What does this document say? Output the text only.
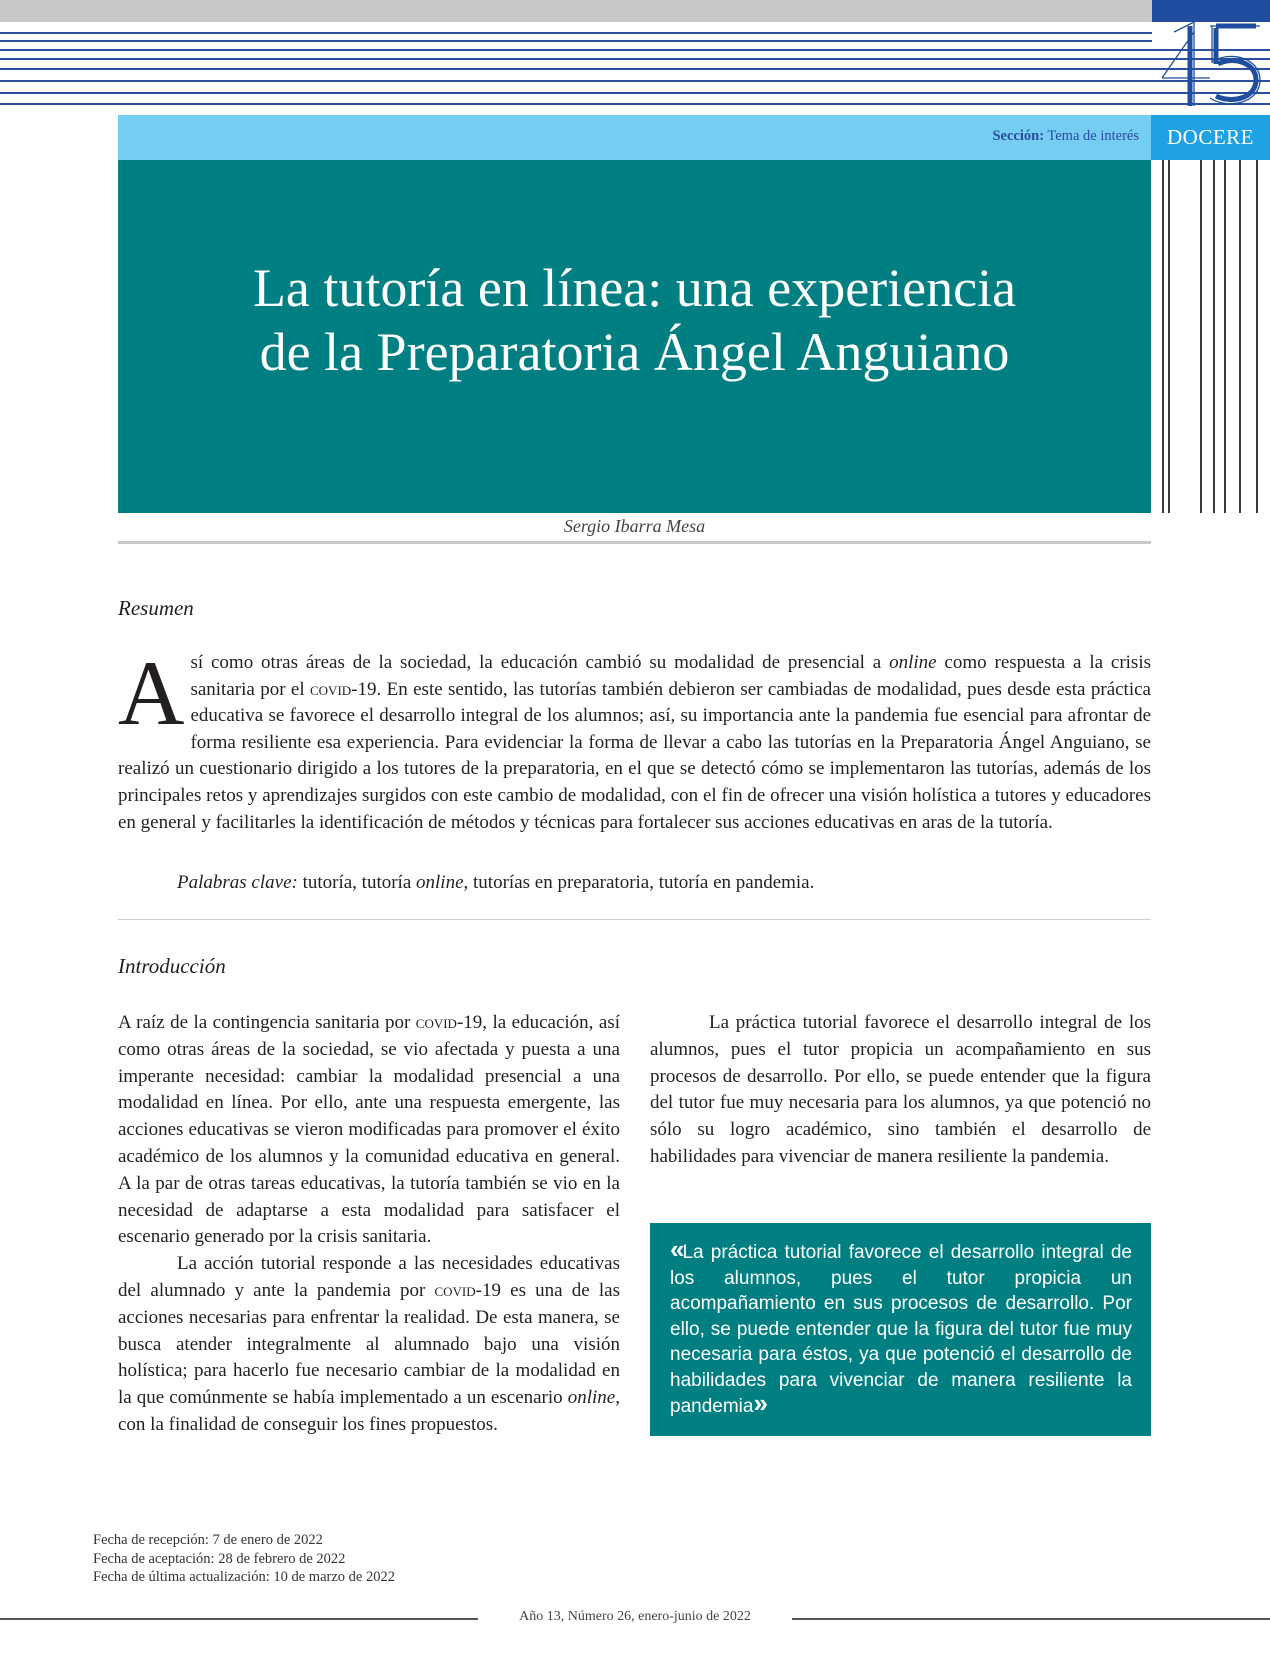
Sección: Tema de interés	DOCERE
La tutoría en línea: una experiencia
de la Preparatoria Ángel Anguiano
Sergio Ibarra Mesa
Resumen

Así como otras áreas de la sociedad, la educación cambió su modalidad de presencial a online como respuesta a la crisis sanitaria por el covid-19. En este sentido, las tutorías también debieron ser cambiadas de modalidad, pues desde esta práctica educativa se favorece el desarrollo integral de los alumnos; así, su importancia ante la pandemia fue esencial para afrontar de forma resiliente esa experiencia. Para evidenciar la forma de llevar a cabo las tutorías en la Preparatoria Ángel Anguiano, se realizó un cuestionario dirigido a los tutores de la preparatoria, en el que se detectó cómo se implementaron las tutorías, además de los principales retos y aprendizajes surgidos con este cambio de modalidad, con el fin de ofrecer una visión holística a tutores y educadores en general y facilitarles la identificación de métodos y técnicas para fortalecer sus acciones educativas en aras de la tutoría.

Palabras clave: tutoría, tutoría online, tutorías en preparatoria, tutoría en pandemia.

Introducción

A raíz de la contingencia sanitaria por covid-19, la educación, así como otras áreas de la sociedad, se vio afectada y puesta a una imperante necesidad: cambiar la modalidad presencial a una modalidad en línea. Por ello, ante una respuesta emergente, las acciones educativas se vieron modificadas para promover el éxito académico de los alumnos y la comunidad educativa en general. A la par de otras tareas educativas, la tutoría también se vio en la necesidad de adaptarse a esta modalidad para satisfacer el escenario generado por la crisis sanitaria.

La acción tutorial responde a las necesidades educativas del alumnado y ante la pandemia por covid-19 es una de las acciones necesarias para enfrentar la realidad. De esta manera, se busca atender integralmente al alumnado bajo una visión holística; para hacerlo fue necesario cambiar de la modalidad en la que comúnmente se había implementado a un escenario online, con la finalidad de conseguir los fines propuestos.

La práctica tutorial favorece el desarrollo integral de los alumnos, pues el tutor propicia un acompañamiento en sus procesos de desarrollo. Por ello, se puede entender que la figura del tutor fue muy necesaria para los alumnos, ya que potenció no sólo su logro académico, sino también el desarrollo de habilidades para vivenciar de manera resiliente la pandemia.

«La práctica tutorial favorece el desarrollo integral de los alumnos, pues el tutor propicia un acompañamiento en sus procesos de desarrollo. Por ello, se puede entender que la figura del tutor fue muy necesaria para éstos, ya que potenció el desarrollo de habilidades para vivenciar de manera resiliente la pandemia»

Fecha de recepción: 7 de enero de 2022
Fecha de aceptación: 28 de febrero de 2022
Fecha de última actualización: 10 de marzo de 2022
Año 13, Número 26, enero-junio de 2022
